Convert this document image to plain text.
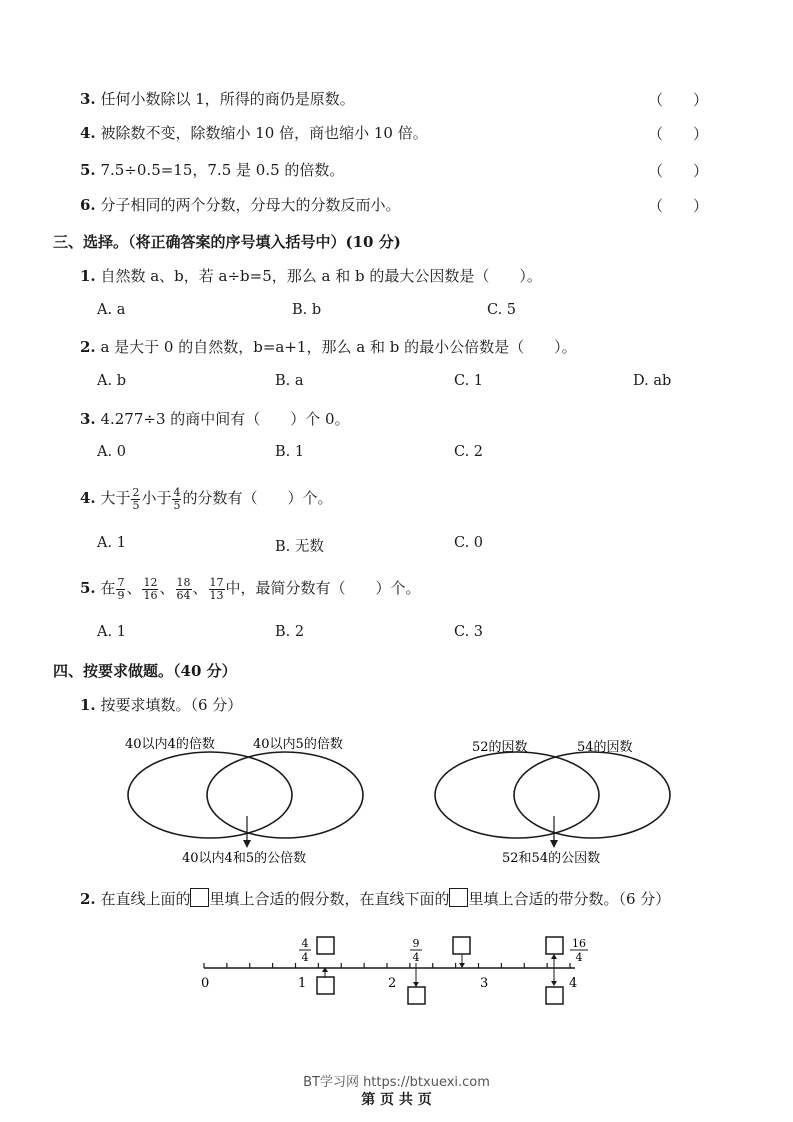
3. 任何小数除以 1，所得的商仍是原数。	（　　）
4. 被除数不变，除数缩小 10 倍，商也缩小 10 倍。	（　　）
5. 7.5÷0.5=15，7.5 是 0.5 的倍数。	（　　）
6. 分子相同的两个分数，分母大的分数反而小。	（　　）
三、选择。（将正确答案的序号填入括号中）(10 分)
1. 自然数 a、b，若 a÷b=5，那么 a 和 b 的最大公因数是（　　）。
A. a	B. b	C. 5
2. a 是大于 0 的自然数，b=a+1，那么 a 和 b 的最小公倍数是（　　）。
A. b	B. a	C. 1	D. ab
3. 4.277÷3 的商中间有（　　）个 0。
A. 0	B. 1	C. 2
4. 大于 $\frac{2}{5}$ 小于 $\frac{4}{5}$ 的分数有（　　）个。
A. 1	B. 无数	C. 0
5. 在 $\frac{7}{9}$ 、 $\frac{12}{16}$ 、 $\frac{18}{64}$ 、 $\frac{17}{13}$ 中，最简分数有（　　）个。
A. 1	B. 2	C. 3
四、按要求做题。（40 分）
1. 按要求填数。（6 分）
40以内4的倍数	40以内5的倍数
40以内4和5的公倍数
52的因数	54的因数
52和54的公因数
2. 在直线上面的 里填上合适的假分数，在直线下面的 里填上合适的带分数。（6 分）
0	1	2	3	4
4
4
9
4
16
4
BT学习网 https://btxuexi.com
第 页 共 页
